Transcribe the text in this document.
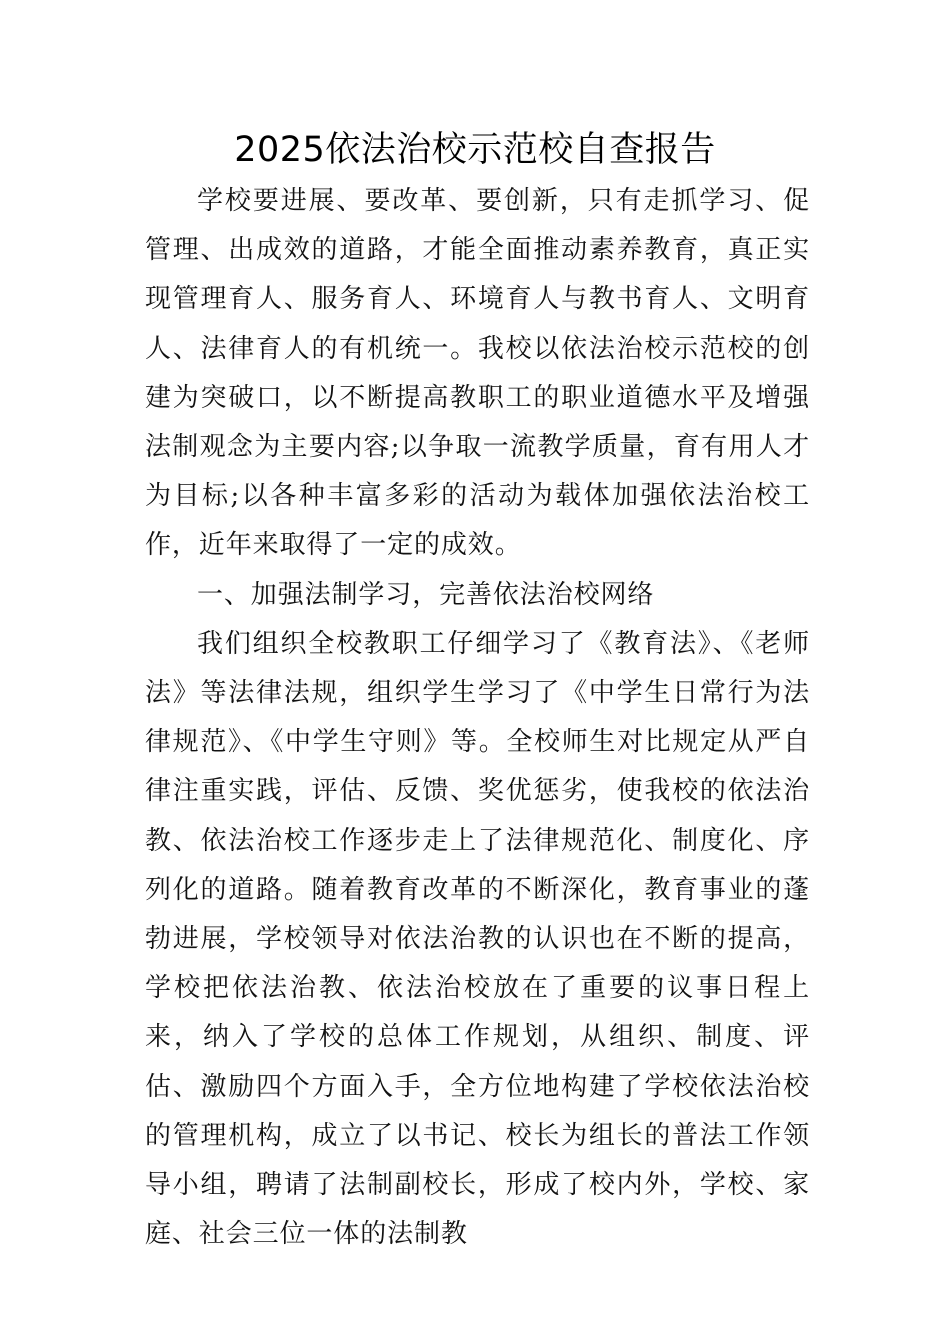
2025依法治校示范校自查报告

学校要进展、要改革、要创新，只有走抓学习、促管理、出成效的道路，才能全面推动素养教育，真正实现管理育人、服务育人、环境育人与教书育人、文明育人、法律育人的有机统一。我校以依法治校示范校的创建为突破口，以不断提高教职工的职业道德水平及增强法制观念为主要内容;以争取一流教学质量，育有用人才为目标;以各种丰富多彩的活动为载体加强依法治校工作，近年来取得了一定的成效。

一、加强法制学习，完善依法治校网络

我们组织全校教职工仔细学习了《教育法》、《老师法》等法律法规，组织学生学习了《中学生日常行为法律规范》、《中学生守则》等。全校师生对比规定从严自律注重实践，评估、反馈、奖优惩劣，使我校的依法治教、依法治校工作逐步走上了法律规范化、制度化、序列化的道路。随着教育改革的不断深化，教育事业的蓬勃进展，学校领导对依法治教的认识也在不断的提高，学校把依法治教、依法治校放在了重要的议事日程上来，纳入了学校的总体工作规划，从组织、制度、评估、激励四个方面入手，全方位地构建了学校依法治校的管理机构，成立了以书记、校长为组长的普法工作领导小组，聘请了法制副校长，形成了校内外，学校、家庭、社会三位一体的法制教
